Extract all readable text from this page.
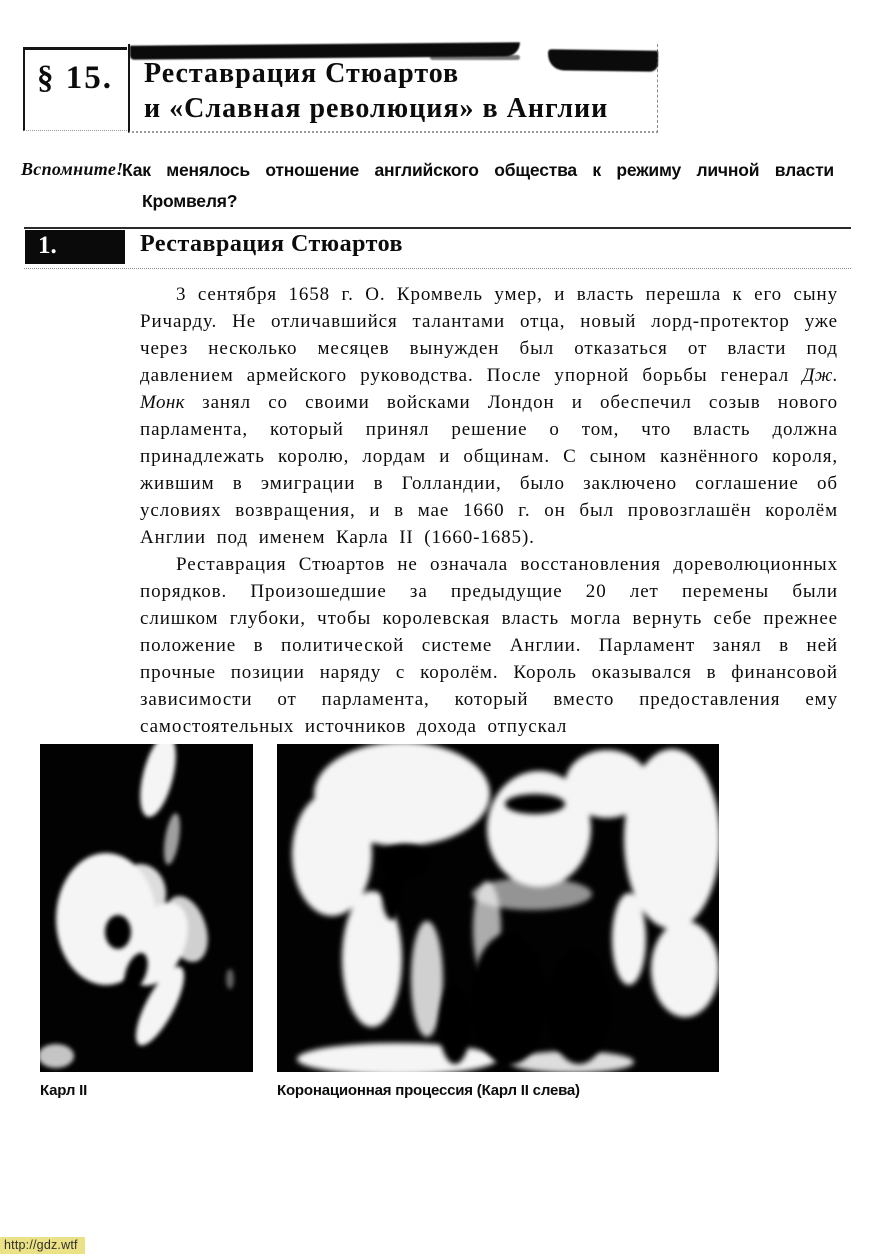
§ 15.	Реставрация Стюартов
и «Славная революция» в Англии
Вспомните!

Как менялось отношение английского общества к режиму личной власти Кромвеля?

1.	Реставрация Стюартов

3 сентября 1658 г. О. Кромвель умер, и власть перешла к его сыну Ричарду. Не отличавшийся талантами отца, новый лорд-протектор уже через несколько месяцев вынужден был отказаться от власти под давлением армейского руководства. После упорной борьбы генерал Дж. Монк занял со своими войсками Лондон и обеспечил созыв нового парламента, который принял решение о том, что власть должна принадлежать королю, лордам и общинам. С сыном казнённого короля, жившим в эмиграции в Голландии, было заключено соглашение об условиях возвращения, и в мае 1660 г. он был провозглашён королём Англии под именем Карла II (1660-1685).

Реставрация Стюартов не означала восстановления дореволюционных порядков. Произошедшие за предыдущие 20 лет перемены были слишком глубоки, чтобы королевская власть могла вернуть себе прежнее положение в политической системе Англии. Парламент занял в ней прочные позиции наряду с королём. Король оказывался в финансовой зависимости от парламента, который вместо предоставления ему самостоятельных источников дохода отпускал

Карл II	Коронационная процессия (Карл II слева)
http://gdz.wtf
